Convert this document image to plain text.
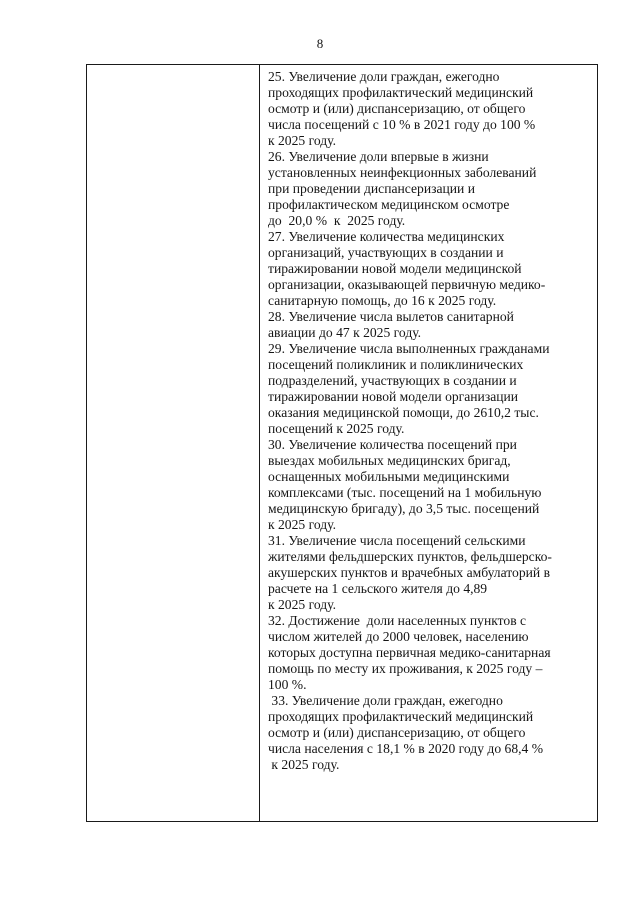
8
25. Увеличение доли граждан, ежегодно
проходящих профилактический медицинский
осмотр и (или) диспансеризацию, от общего
числа посещений с 10 % в 2021 году до 100 %
к 2025 году.
26. Увеличение доли впервые в жизни
установленных неинфекционных заболеваний
при проведении диспансеризации и
профилактическом медицинском осмотре
до  20,0 %  к  2025 году.
27. Увеличение количества медицинских
организаций, участвующих в создании и
тиражировании новой модели медицинской
организации, оказывающей первичную медико-
санитарную помощь, до 16 к 2025 году.
28. Увеличение числа вылетов санитарной
авиации до 47 к 2025 году.
29. Увеличение числа выполненных гражданами
посещений поликлиник и поликлинических
подразделений, участвующих в создании и
тиражировании новой модели организации
оказания медицинской помощи, до 2610,2 тыс.
посещений к 2025 году.
30. Увеличение количества посещений при
выездах мобильных медицинских бригад,
оснащенных мобильными медицинскими
комплексами (тыс. посещений на 1 мобильную
медицинскую бригаду), до 3,5 тыс. посещений
к 2025 году.
31. Увеличение числа посещений сельскими
жителями фельдшерских пунктов, фельдшерско-
акушерских пунктов и врачебных амбулаторий в
расчете на 1 сельского жителя до 4,89
к 2025 году.
32. Достижение  доли населенных пунктов с
числом жителей до 2000 человек, населению
которых доступна первичная медико-санитарная
помощь по месту их проживания, к 2025 году –
100 %.
33. Увеличение доли граждан, ежегодно
проходящих профилактический медицинский
осмотр и (или) диспансеризацию, от общего
числа населения с 18,1 % в 2020 году до 68,4 %
к 2025 году.
